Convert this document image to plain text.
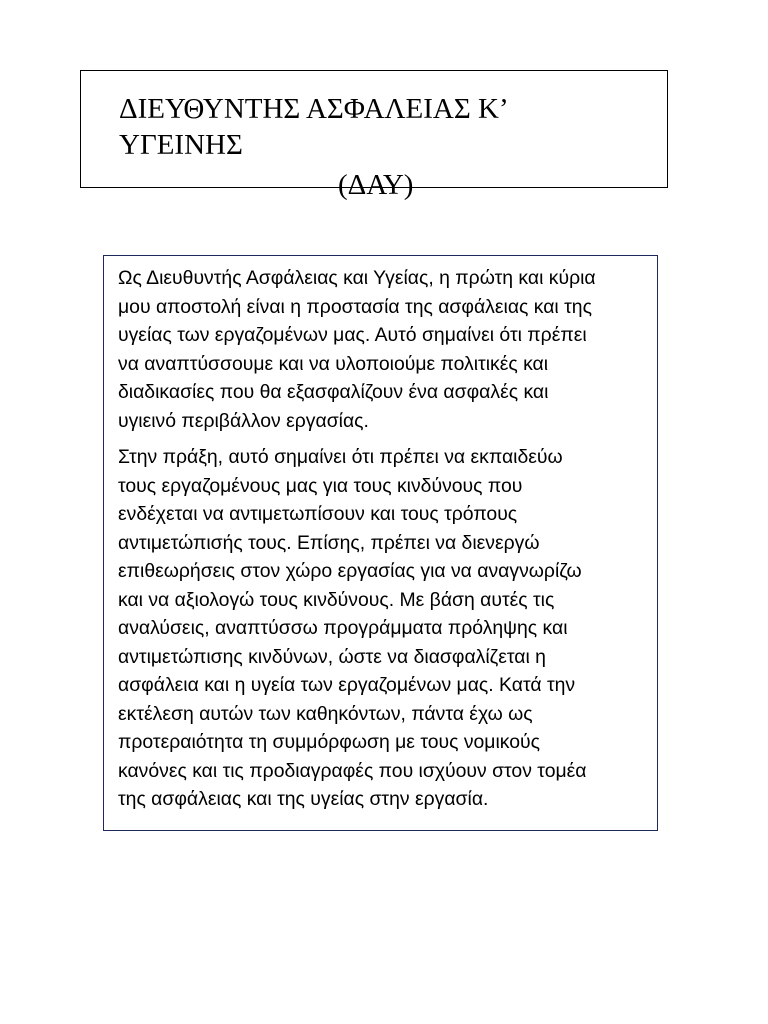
ΔΙΕΥΘΥΝΤΗΣ ΑΣΦΑΛΕΙΑΣ Κ’
ΥΓΕΙΝΗΣ
(ΔΑΥ)

Ως Διευθυντής Ασφάλειας και Υγείας, η πρώτη και κύρια
μου αποστολή είναι η προστασία της ασφάλειας και της
υγείας των εργαζομένων μας. Αυτό σημαίνει ότι πρέπει
να αναπτύσσουμε και να υλοποιούμε πολιτικές και
διαδικασίες που θα εξασφαλίζουν ένα ασφαλές και
υγιεινό περιβάλλον εργασίας.

Στην πράξη, αυτό σημαίνει ότι πρέπει να εκπαιδεύω
τους εργαζομένους μας για τους κινδύνους που
ενδέχεται να αντιμετωπίσουν και τους τρόπους
αντιμετώπισής τους. Επίσης, πρέπει να διενεργώ
επιθεωρήσεις στον χώρο εργασίας για να αναγνωρίζω
και να αξιολογώ τους κινδύνους. Με βάση αυτές τις
αναλύσεις, αναπτύσσω προγράμματα πρόληψης και
αντιμετώπισης κινδύνων, ώστε να διασφαλίζεται η
ασφάλεια και η υγεία των εργαζομένων μας. Κατά την
εκτέλεση αυτών των καθηκόντων, πάντα έχω ως
προτεραιότητα τη συμμόρφωση με τους νομικούς
κανόνες και τις προδιαγραφές που ισχύουν στον τομέα
της ασφάλειας και της υγείας στην εργασία.
